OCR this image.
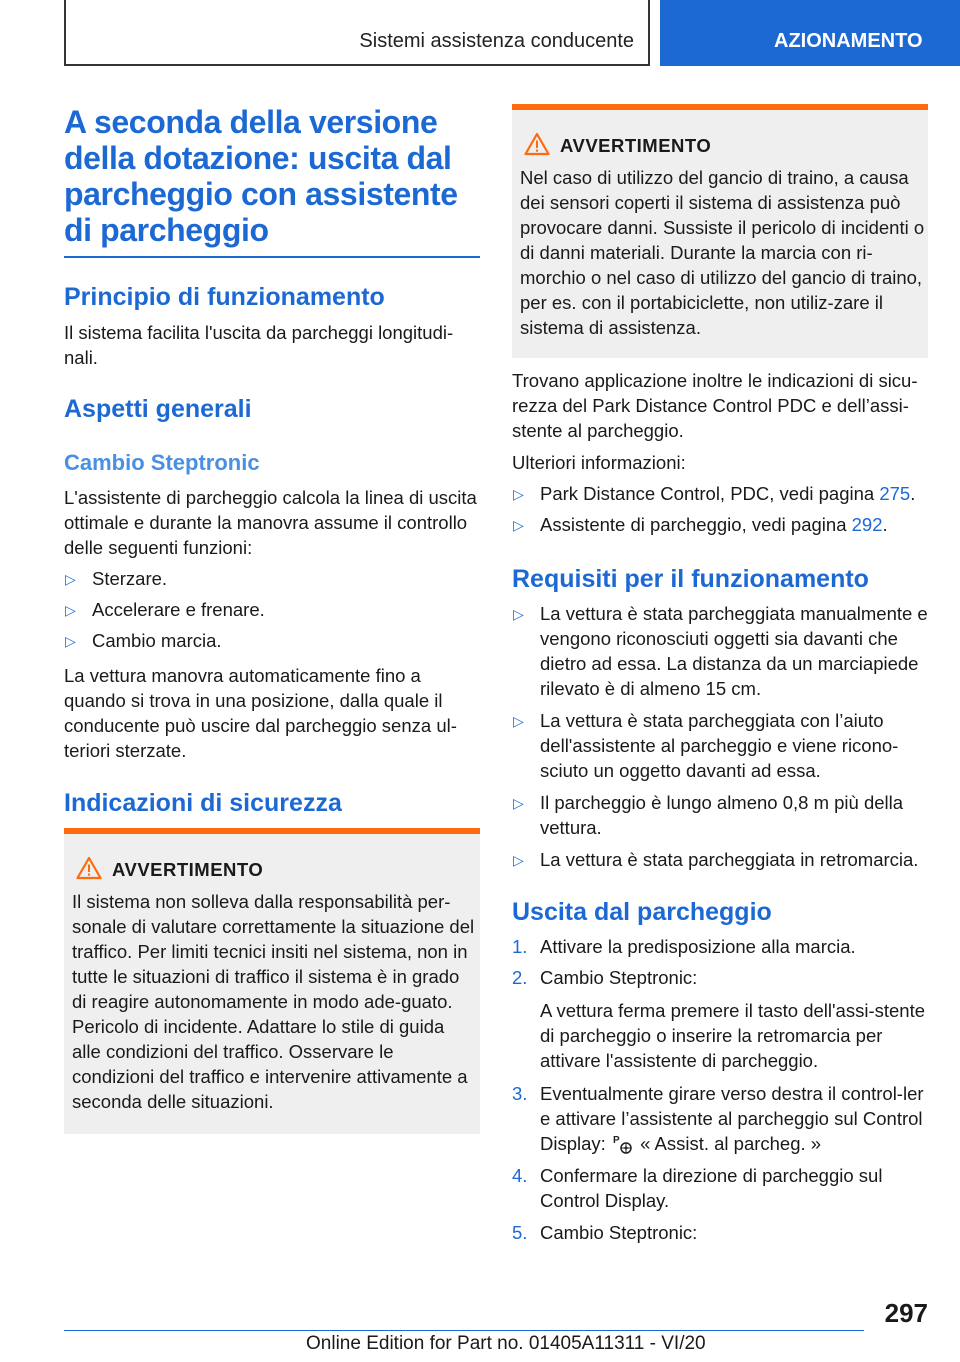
Sistemi assistenza conducente	AZIONAMENTO
A seconda della versione della dotazione: uscita dal parcheggio con assistente di parcheggio
Principio di funzionamento
Il sistema facilita l'uscita da parcheggi longitudi-nali.
Aspetti generali
Cambio Steptronic
L'assistente di parcheggio calcola la linea di uscita ottimale e durante la manovra assume il controllo delle seguenti funzioni:
▷ Sterzare.
▷ Accelerare e frenare.
▷ Cambio marcia.
La vettura manovra automaticamente fino a quando si trova in una posizione, dalla quale il conducente può uscire dal parcheggio senza ul-teriori sterzate.
Indicazioni di sicurezza
AVVERTIMENTO
Il sistema non solleva dalla responsabilità per-sonale di valutare correttamente la situazione del traffico. Per limiti tecnici insiti nel sistema, non in tutte le situazioni di traffico il sistema è in grado di reagire autonomamente in modo ade-guato. Pericolo di incidente. Adattare lo stile di guida alle condizioni del traffico. Osservare le condizioni del traffico e intervenire attivamente a seconda delle situazioni.
AVVERTIMENTO
Nel caso di utilizzo del gancio di traino, a causa dei sensori coperti il sistema di assistenza può provocare danni. Sussiste il pericolo di incidenti o di danni materiali. Durante la marcia con ri-morchio o nel caso di utilizzo del gancio di traino, per es. con il portabiciclette, non utiliz-zare il sistema di assistenza.
Trovano applicazione inoltre le indicazioni di sicu-rezza del Park Distance Control PDC e dell’assi-stente al parcheggio.
Ulteriori informazioni:
▷ Park Distance Control, PDC, vedi pagina 275.
▷ Assistente di parcheggio, vedi pagina 292.
Requisiti per il funzionamento
▷ La vettura è stata parcheggiata manualmente e vengono riconosciuti oggetti sia davanti che dietro ad essa. La distanza da un marciapiede rilevato è di almeno 15 cm.
▷ La vettura è stata parcheggiata con l’aiuto dell'assistente al parcheggio e viene ricono-sciuto un oggetto davanti ad essa.
▷ Il parcheggio è lungo almeno 0,8 m più della vettura.
▷ La vettura è stata parcheggiata in retromarcia.
Uscita dal parcheggio
1. Attivare la predisposizione alla marcia.
2. Cambio Steptronic:
A vettura ferma premere il tasto dell'assi-stente di parcheggio o inserire la retromarcia per attivare l'assistente di parcheggio.
3. Eventualmente girare verso destra il control-ler e attivare l’assistente al parcheggio sul Control Display: P « Assist. al parcheg. »
4. Confermare la direzione di parcheggio sul Control Display.
5. Cambio Steptronic:
297
Online Edition for Part no. 01405A11311 - VI/20
